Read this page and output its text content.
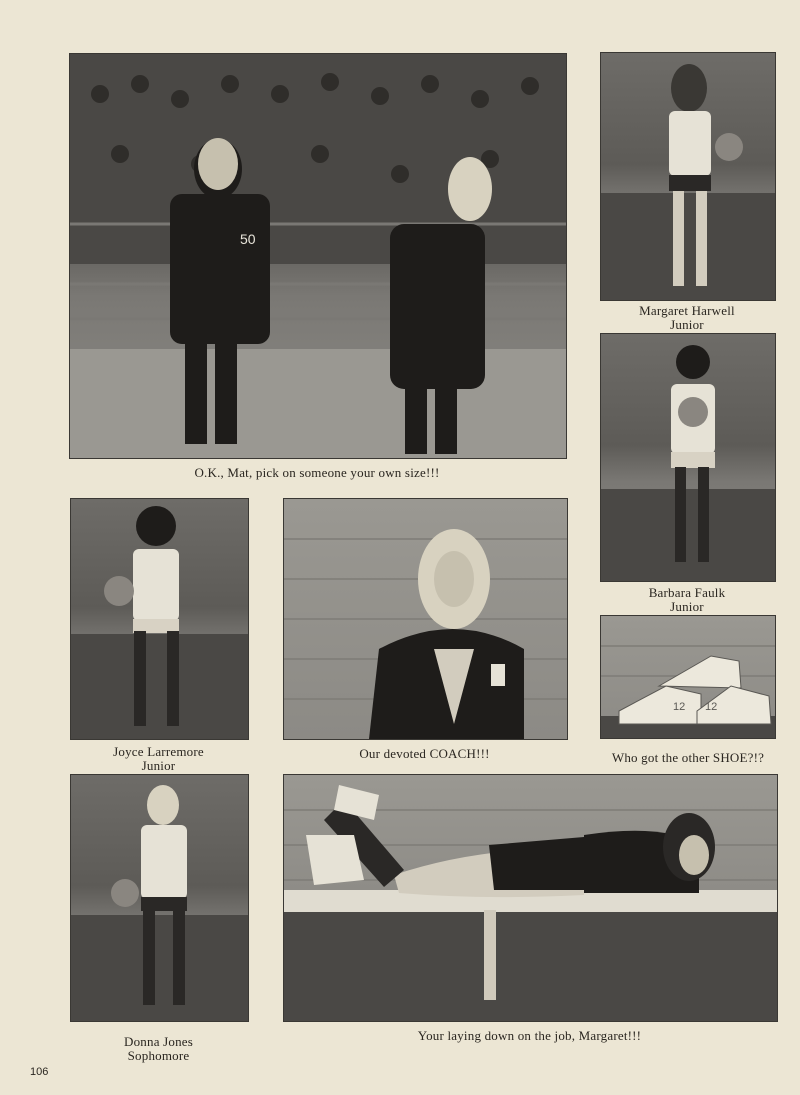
50
O.K., Mat, pick on someone your own size!!!
Margaret Harwell
Junior
Barbara Faulk
Junior
Joyce Larremore
Junior
Our devoted COACH!!!
12 12
Who got the other SHOE?!?
Donna Jones
Sophomore
Your laying down on the job, Margaret!!!
106
